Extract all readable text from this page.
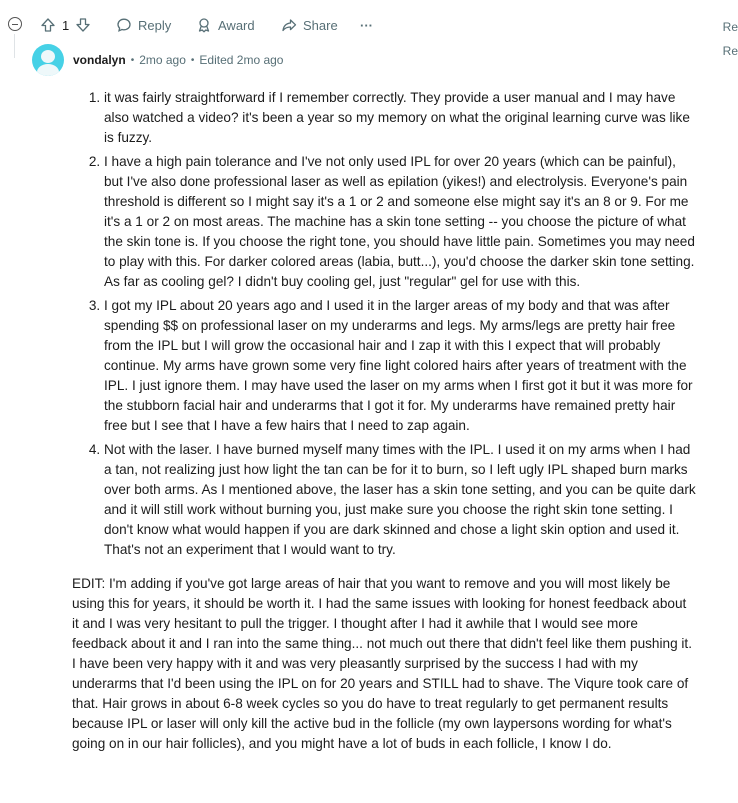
1	Reply	Award	Share ···	Re
Re
vondalyn • 2mo ago • Edited 2mo ago
1. it was fairly straightforward if I remember correctly. They provide a user manual and I may have also watched a video? it's been a year so my memory on what the original learning curve was like is fuzzy.
2. I have a high pain tolerance and I've not only used IPL for over 20 years (which can be painful), but I've also done professional laser as well as epilation (yikes!) and electrolysis. Everyone's pain threshold is different so I might say it's a 1 or 2 and someone else might say it's an 8 or 9. For me it's a 1 or 2 on most areas. The machine has a skin tone setting -- you choose the picture of what the skin tone is. If you choose the right tone, you should have little pain. Sometimes you may need to play with this. For darker colored areas (labia, butt...), you'd choose the darker skin tone setting. As far as cooling gel? I didn't buy cooling gel, just "regular" gel for use with this.
3. I got my IPL about 20 years ago and I used it in the larger areas of my body and that was after spending $$ on professional laser on my underarms and legs. My arms/legs are pretty hair free from the IPL but I will grow the occasional hair and I zap it with this I expect that will probably continue. My arms have grown some very fine light colored hairs after years of treatment with the IPL. I just ignore them. I may have used the laser on my arms when I first got it but it was more for the stubborn facial hair and underarms that I got it for. My underarms have remained pretty hair free but I see that I have a few hairs that I need to zap again.
4. Not with the laser. I have burned myself many times with the IPL. I used it on my arms when I had a tan, not realizing just how light the tan can be for it to burn, so I left ugly IPL shaped burn marks over both arms. As I mentioned above, the laser has a skin tone setting, and you can be quite dark and it will still work without burning you, just make sure you choose the right skin tone setting. I don't know what would happen if you are dark skinned and chose a light skin option and used it. That's not an experiment that I would want to try.

EDIT: I'm adding if you've got large areas of hair that you want to remove and you will most likely be using this for years, it should be worth it. I had the same issues with looking for honest feedback about it and I was very hesitant to pull the trigger. I thought after I had it awhile that I would see more feedback about it and I ran into the same thing... not much out there that didn't feel like them pushing it. I have been very happy with it and was very pleasantly surprised by the success I had with my underarms that I'd been using the IPL on for 20 years and STILL had to shave. The Viqure took care of that. Hair grows in about 6-8 week cycles so you do have to treat regularly to get permanent results because IPL or laser will only kill the active bud in the follicle (my own laypersons wording for what's going on in our hair follicles), and you might have a lot of buds in each follicle, I know I do.
